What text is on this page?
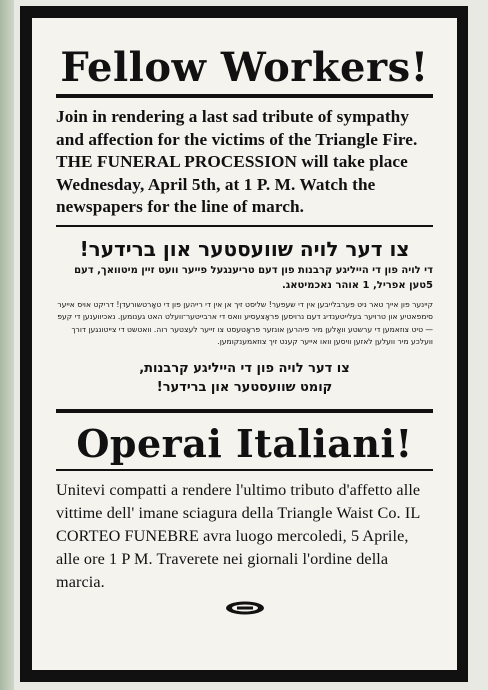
Fellow Workers!

Join in rendering a last sad tribute of sympathy and affection for the victims of the Triangle Fire. THE FUNERAL PROCESSION will take place Wednesday, April 5th, at 1 P. M. Watch the newspapers for the line of march.

צו דער לויה שוועסטער און ברידער!
די לויה פון די הייליגע קרבנות פון דעם טריענגעל פייער וועט זיין מיטוואך, דעם 5טען אפריל, 1 אוהר נאכמיטאג.
קיינער פון אייך טאר ניט פערבלייבען אין די שעפער! שליסט זיך אן אין די רייהען פון די טאָרטשורעדן! דריקט אויס אייער סימפאטיע און טרויער בעלייטענדיג דעם נרויסען פראָצעסיע וואס די ארבייטער־וועלט האט גענומען. נאכיווענען די קעפ — טיט צוזאמען די ערשטע וואָלען מיר פיהרען אונזער פראָטעסט צו זייער לעצטער רוה. וואטשט די צייטונגען דורך וועלכע מיר וועלען לאזען וויסען וואו אייער קענט זיך צוזאמענקומען.
צו דער לויה פון די הייליגע קרבנות,
קומט שוועסטער און ברידער!
Operai Italiani!

Unitevi compatti a rendere l'ultimo tributo d'affetto alle vittime dell' imane sciagura della Triangle Waist Co. IL CORTEO FUNEBRE avra luogo mercoledi, 5 Aprile, alle ore 1 P M. Traverete nei giornali l'ordine della marcia.
